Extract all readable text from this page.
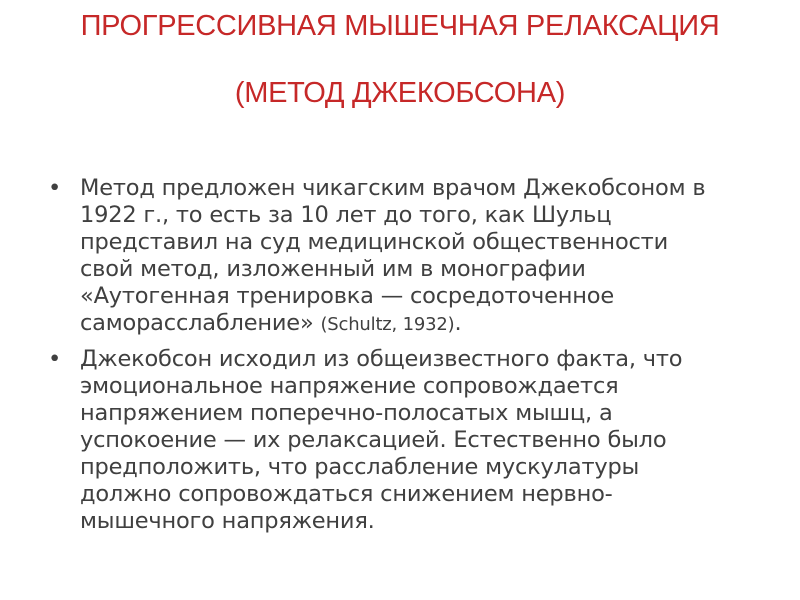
ПРОГРЕССИВНАЯ МЫШЕЧНАЯ РЕЛАКСАЦИЯ
(МЕТОД ДЖЕКОБСОНА)
• Метод предложен чикагским врачом Джекобсоном в 1922 г., то есть за 10 лет до того, как Шульц представил на суд медицинской общественности свой метод, изложенный им в монографии «Аутогенная тренировка — сосредоточенное саморасслабление» (Schultz, 1932).
• Джекобсон исходил из общеизвестного факта, что эмоциональное напряжение сопровождается напряжением поперечно-полосатых мышц, а успокоение — их релаксацией. Естественно было предположить, что расслабление мускулатуры должно сопровождаться снижением нервно-мышечного напряжения.
